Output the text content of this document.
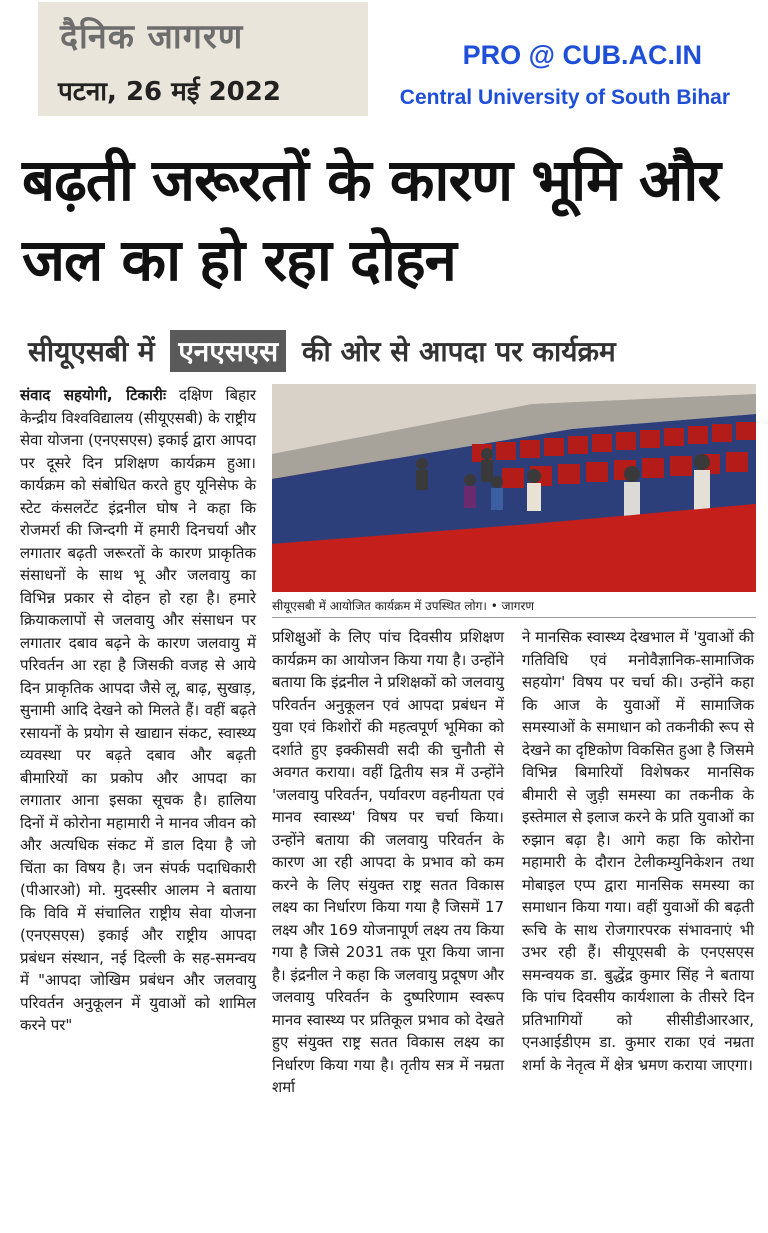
दैनिक जागरण
पटना, 26 मई 2022
PRO @ CUB.AC.IN
Central University of South Bihar
बढ़ती जरूरतों के कारण भूमि और जल का हो रहा दोहन
सीयूएसबी में एनएसएस की ओर से आपदा पर कार्यक्रम
संवाद सहयोगी, टिकारीः दक्षिण बिहार केन्द्रीय विश्वविद्यालय (सीयूएसबी) के राष्ट्रीय सेवा योजना (एनएसएस) इकाई द्वारा आपदा पर दूसरे दिन प्रशिक्षण कार्यक्रम हुआ। कार्यक्रम को संबोधित करते हुए यूनिसेफ के स्टेट कंसलटेंट इंद्रनील घोष ने कहा कि रोजमर्रा की जिन्दगी में हमारी दिनचर्या और लगातार बढ़ती जरूरतों के कारण प्राकृतिक संसाधनों के साथ भू और जलवायु का विभिन्न प्रकार से दोहन हो रहा है। हमारे क्रियाकलापों से जलवायु और संसाधन पर लगातार दबाव बढ़ने के कारण जलवायु में परिवर्तन आ रहा है जिसकी वजह से आये दिन प्राकृतिक आपदा जैसे लू, बाढ़, सुखाड़, सुनामी आदि देखने को मिलते हैं। वहीं बढ़ते रसायनों के प्रयोग से खाद्यान संकट, स्वास्थ्य व्यवस्था पर बढ़ते दबाव और बढ़ती बीमारियों का प्रकोप और आपदा का लगातार आना इसका सूचक है। हालिया दिनों में कोरोना महामारी ने मानव जीवन को और अत्यधिक संकट में डाल दिया है जो चिंता का विषय है। जन संपर्क पदाधिकारी (पीआरओ) मो. मुदस्सीर आलम ने बताया कि विवि में संचालित राष्ट्रीय सेवा योजना (एनएसएस) इकाई और राष्ट्रीय आपदा प्रबंधन संस्थान, नई दिल्ली के सह-समन्वय में "आपदा जोखिम प्रबंधन और जलवायु परिवर्तन अनुकूलन में युवाओं को शामिल करने पर"
सीयूएसबी में आयोजित कार्यक्रम में उपस्थित लोग। • जागरण
प्रशिक्षुओं के लिए पांच दिवसीय प्रशिक्षण कार्यक्रम का आयोजन किया गया है। उन्होंने बताया कि इंद्रनील ने प्रशिक्षकों को जलवायु परिवर्तन अनुकूलन एवं आपदा प्रबंधन में युवा एवं किशोरों की महत्वपूर्ण भूमिका को दर्शाते हुए इक्कीसवी सदी की चुनौती से अवगत कराया। वहीं द्वितीय सत्र में उन्होंने 'जलवायु परिवर्तन, पर्यावरण वहनीयता एवं मानव स्वास्थ्य' विषय पर चर्चा किया। उन्होंने बताया की जलवायु परिवर्तन के कारण आ रही आपदा के प्रभाव को कम करने के लिए संयुक्त राष्ट्र सतत विकास लक्ष्य का निर्धारण किया गया है जिसमें 17 लक्ष्य और 169 योजनापूर्ण लक्ष्य तय किया गया है जिसे 2031 तक पूरा किया जाना है। इंद्रनील ने कहा कि जलवायु प्रदूषण और जलवायु परिवर्तन के दुष्परिणाम स्वरूप मानव स्वास्थ्य पर प्रतिकूल प्रभाव को देखते हुए संयुक्त राष्ट्र सतत विकास लक्ष्य का निर्धारण किया गया है। तृतीय सत्र में नम्रता शर्मा
ने मानसिक स्वास्थ्य देखभाल में 'युवाओं की गतिविधि एवं मनोवैज्ञानिक-सामाजिक सहयोग' विषय पर चर्चा की। उन्होंने कहा कि आज के युवाओं में सामाजिक समस्याओं के समाधान को तकनीकी रूप से देखने का दृष्टिकोण विकसित हुआ है जिसमे विभिन्न बिमारियों विशेषकर मानसिक बीमारी से जुड़ी समस्या का तकनीक के इस्तेमाल से इलाज करने के प्रति युवाओं का रुझान बढ़ा है। आगे कहा कि कोरोना महामारी के दौरान टेलीकम्युनिकेशन तथा मोबाइल एप्प द्वारा मानसिक समस्या का समाधान किया गया। वहीं युवाओं की बढ़ती रूचि के साथ रोजगारपरक संभावनाएं भी उभर रही हैं। सीयूएसबी के एनएसएस समन्वयक डा. बुद्धेंद्र कुमार सिंह ने बताया कि पांच दिवसीय कार्यशाला के तीसरे दिन प्रतिभागियों को सीसीडीआरआर, एनआईडीएम डा. कुमार राका एवं नम्रता शर्मा के नेतृत्व में क्षेत्र भ्रमण कराया जाएगा।
